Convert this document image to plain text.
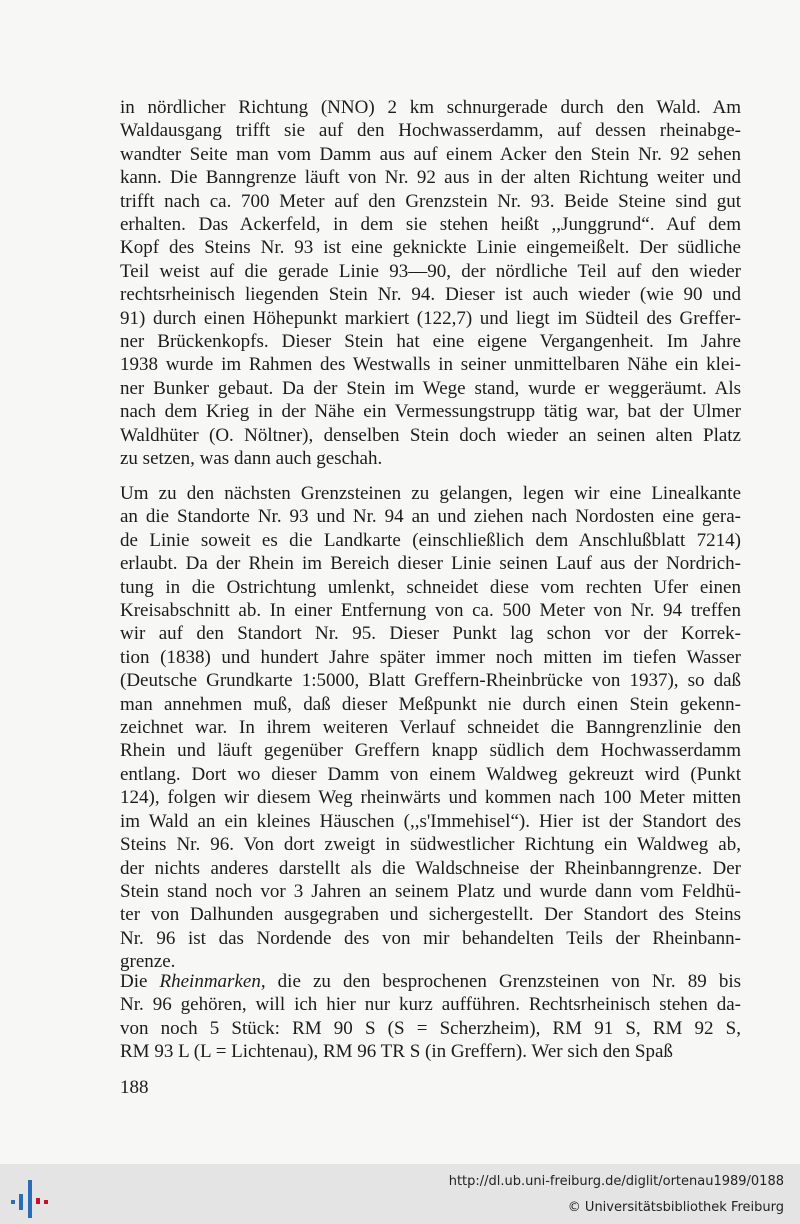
in nördlicher Richtung (NNO) 2 km schnurgerade durch den Wald. Am
Waldausgang trifft sie auf den Hochwasserdamm, auf dessen rheinabge-
wandter Seite man vom Damm aus auf einem Acker den Stein Nr. 92 sehen
kann. Die Banngrenze läuft von Nr. 92 aus in der alten Richtung weiter und
trifft nach ca. 700 Meter auf den Grenzstein Nr. 93. Beide Steine sind gut
erhalten. Das Ackerfeld, in dem sie stehen heißt ,,Junggrund“. Auf dem
Kopf des Steins Nr. 93 ist eine geknickte Linie eingemeißelt. Der südliche
Teil weist auf die gerade Linie 93—90, der nördliche Teil auf den wieder
rechtsrheinisch liegenden Stein Nr. 94. Dieser ist auch wieder (wie 90 und
91) durch einen Höhepunkt markiert (122,7) und liegt im Südteil des Greffer-
ner Brückenkopfs. Dieser Stein hat eine eigene Vergangenheit. Im Jahre
1938 wurde im Rahmen des Westwalls in seiner unmittelbaren Nähe ein klei-
ner Bunker gebaut. Da der Stein im Wege stand, wurde er weggeräumt. Als
nach dem Krieg in der Nähe ein Vermessungstrupp tätig war, bat der Ulmer
Waldhüter (O. Nöltner), denselben Stein doch wieder an seinen alten Platz
zu setzen, was dann auch geschah.
Um zu den nächsten Grenzsteinen zu gelangen, legen wir eine Linealkante
an die Standorte Nr. 93 und Nr. 94 an und ziehen nach Nordosten eine gera-
de Linie soweit es die Landkarte (einschließlich dem Anschlußblatt 7214)
erlaubt. Da der Rhein im Bereich dieser Linie seinen Lauf aus der Nordrich-
tung in die Ostrichtung umlenkt, schneidet diese vom rechten Ufer einen
Kreisabschnitt ab. In einer Entfernung von ca. 500 Meter von Nr. 94 treffen
wir auf den Standort Nr. 95. Dieser Punkt lag schon vor der Korrek-
tion (1838) und hundert Jahre später immer noch mitten im tiefen Wasser
(Deutsche Grundkarte 1:5000, Blatt Greffern-Rheinbrücke von 1937), so daß
man annehmen muß, daß dieser Meßpunkt nie durch einen Stein gekenn-
zeichnet war. In ihrem weiteren Verlauf schneidet die Banngrenzlinie den
Rhein und läuft gegenüber Greffern knapp südlich dem Hochwasserdamm
entlang. Dort wo dieser Damm von einem Waldweg gekreuzt wird (Punkt
124), folgen wir diesem Weg rheinwärts und kommen nach 100 Meter mitten
im Wald an ein kleines Häuschen (,,s'Immehisel“). Hier ist der Standort des
Steins Nr. 96. Von dort zweigt in südwestlicher Richtung ein Waldweg ab,
der nichts anderes darstellt als die Waldschneise der Rheinbanngrenze. Der
Stein stand noch vor 3 Jahren an seinem Platz und wurde dann vom Feldhü-
ter von Dalhunden ausgegraben und sichergestellt. Der Standort des Steins
Nr. 96 ist das Nordende des von mir behandelten Teils der Rheinbann-
grenze.
Die Rheinmarken, die zu den besprochenen Grenzsteinen von Nr. 89 bis
Nr. 96 gehören, will ich hier nur kurz aufführen. Rechtsrheinisch stehen da-
von noch 5 Stück: RM 90 S (S = Scherzheim), RM 91 S, RM 92 S,
RM 93 L (L = Lichtenau), RM 96 TR S (in Greffern). Wer sich den Spaß
188
http://dl.ub.uni-freiburg.de/diglit/ortenau1989/0188
© Universitätsbibliothek Freiburg
